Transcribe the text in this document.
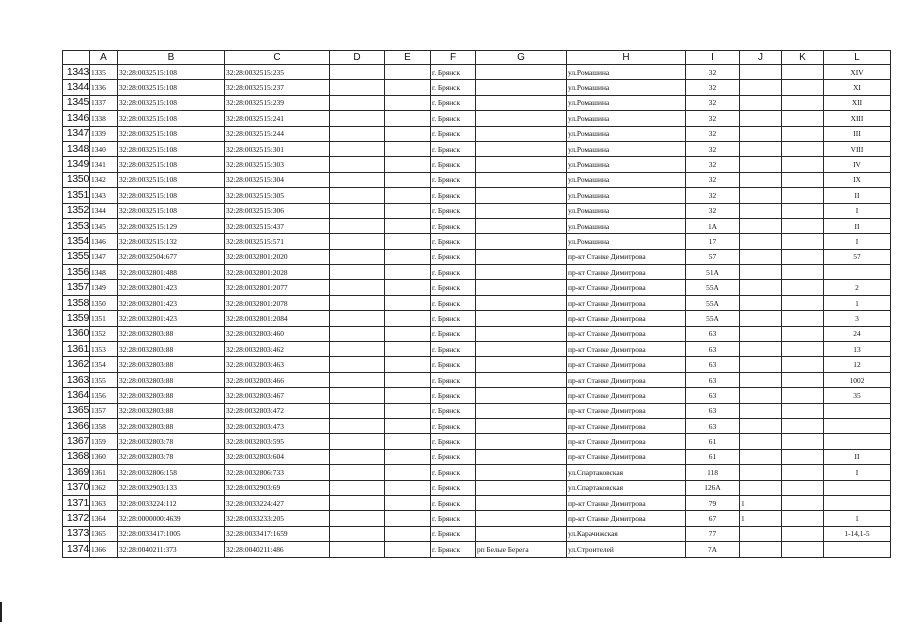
	A	B	C	D	E	F	G	H	I	J	K	L
1343	1335	32:28:0032515:108	32:28:0032515:235			г. Брянск		ул.Ромашина	32			XIV
1344	1336	32:28:0032515:108	32:28:0032515:237			г. Брянск		ул.Ромашина	32			XI
1345	1337	32:28:0032515:108	32:28:0032515:239			г. Брянск		ул.Ромашина	32			XII
1346	1338	32:28:0032515:108	32:28:0032515:241			г. Брянск		ул.Ромашина	32			XIII
1347	1339	32:28:0032515:108	32:28:0032515:244			г. Брянск		ул.Ромашина	32			III
1348	1340	32:28:0032515:108	32:28:0032515:301			г. Брянск		ул.Ромашина	32			VIII
1349	1341	32:28:0032515:108	32:28:0032515:303			г. Брянск		ул.Ромашина	32			IV
1350	1342	32:28:0032515:108	32:28:0032515:304			г. Брянск		ул.Ромашина	32			IX
1351	1343	32:28:0032515:108	32:28:0032515:305			г. Брянск		ул.Ромашина	32			II
1352	1344	32:28:0032515:108	32:28:0032515:306			г. Брянск		ул.Ромашина	32			I
1353	1345	32:28:0032515:129	32:28:0032515:437			г. Брянск		ул.Ромашина	1А			II
1354	1346	32:28:0032515:132	32:28:0032515:571			г. Брянск		ул.Ромашина	17			I
1355	1347	32:28:0032504:677	32:28:0032801:2020			г. Брянск		пр-кт Станке Димитрова	57			57
1356	1348	32:28:0032801:488	32:28:0032801:2028			г. Брянск		пр-кт Станке Димитрова	51А			
1357	1349	32:28:0032801:423	32:28:0032801:2077			г. Брянск		пр-кт Станке Димитрова	55А			2
1358	1350	32:28:0032801:423	32:28:0032801:2078			г. Брянск		пр-кт Станке Димитрова	55А			1
1359	1351	32:28:0032801:423	32:28:0032801:2084			г. Брянск		пр-кт Станке Димитрова	55А			3
1360	1352	32:28:0032803:88	32:28:0032803:460			г. Брянск		пр-кт Станке Димитрова	63			24
1361	1353	32:28:0032803:88	32:28:0032803:462			г. Брянск		пр-кт Станке Димитрова	63			13
1362	1354	32:28:0032803:88	32:28:0032803:463			г. Брянск		пр-кт Станке Димитрова	63			12
1363	1355	32:28:0032803:88	32:28:0032803:466			г. Брянск		пр-кт Станке Димитрова	63			1002
1364	1356	32:28:0032803:88	32:28:0032803:467			г. Брянск		пр-кт Станке Димитрова	63			35
1365	1357	32:28:0032803:88	32:28:0032803:472			г. Брянск		пр-кт Станке Димитрова	63			
1366	1358	32:28:0032803:88	32:28:0032803:473			г. Брянск		пр-кт Станке Димитрова	63			
1367	1359	32:28:0032803:78	32:28:0032803:595			г. Брянск		пр-кт Станке Димитрова	61			
1368	1360	32:28:0032803:78	32:28:0032803:604			г. Брянск		пр-кт Станке Димитрова	61			II
1369	1361	32:28:0032806:158	32:28:0032806:733			г. Брянск		ул.Спартаковская	118			I
1370	1362	32:28:0032903:133	32:28:0032903:69			г. Брянск		ул.Спартаковская	126А			
1371	1363	32:28:0033224:112	32:28:0033224:427			г. Брянск		пр-кт Станке Димитрова	79	1		
1372	1364	32:28:0000000:4639	32:28:0033233:205			г. Брянск		пр-кт Станке Димитрова	67	1		1
1373	1365	32:28:0033417:1005	32:28:0033417:1659			г. Брянск		ул.Карачижская	77			1-14,1-5
1374	1366	32:28:0040211:373	32:28:0040211:486			г. Брянск	рп Белые Берега	ул.Строителей	7А			
